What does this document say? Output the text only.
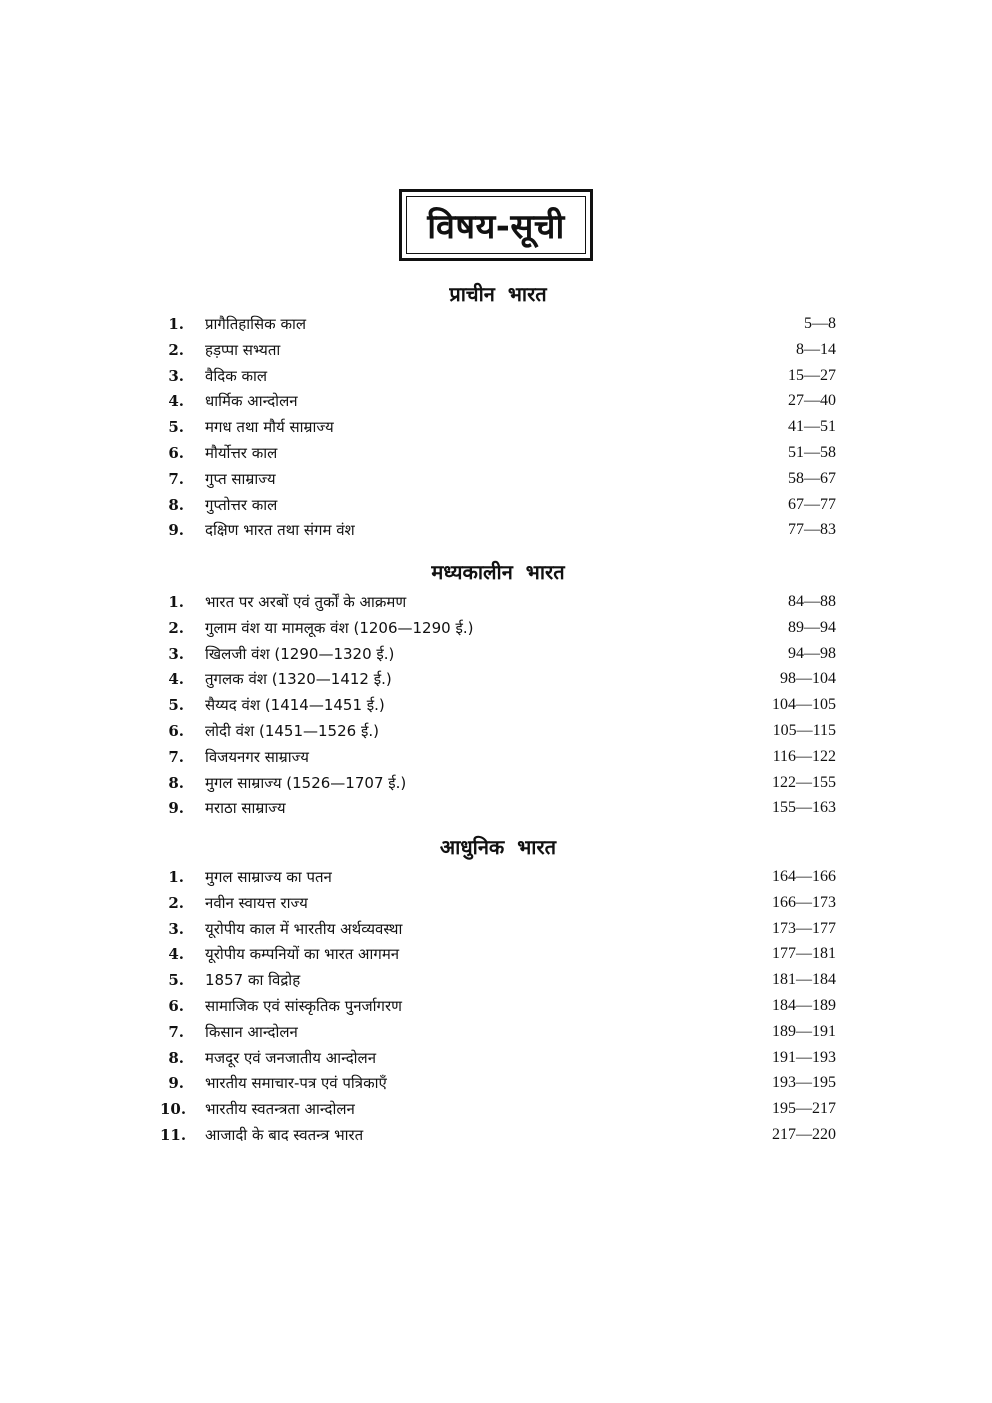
विषय-सूची
प्राचीन भारत
1. प्रागैतिहासिक काल	5—8
2. हड़प्पा सभ्यता	8—14
3. वैदिक काल	15—27
4. धार्मिक आन्दोलन	27—40
5. मगध तथा मौर्य साम्राज्य	41—51
6. मौर्योत्तर काल	51—58
7. गुप्त साम्राज्य	58—67
8. गुप्तोत्तर काल	67—77
9. दक्षिण भारत तथा संगम वंश	77—83
मध्यकालीन भारत
1. भारत पर अरबों एवं तुर्कों के आक्रमण	84—88
2. गुलाम वंश या मामलूक वंश (1206—1290 ई.)	89—94
3. खिलजी वंश (1290—1320 ई.)	94—98
4. तुगलक वंश (1320—1412 ई.)	98—104
5. सैय्यद वंश (1414—1451 ई.)	104—105
6. लोदी वंश (1451—1526 ई.)	105—115
7. विजयनगर साम्राज्य	116—122
8. मुगल साम्राज्य (1526—1707 ई.)	122—155
9. मराठा साम्राज्य	155—163
आधुनिक भारत
1. मुगल साम्राज्य का पतन	164—166
2. नवीन स्वायत्त राज्य	166—173
3. यूरोपीय काल में भारतीय अर्थव्यवस्था	173—177
4. यूरोपीय कम्पनियों का भारत आगमन	177—181
5. 1857 का विद्रोह	181—184
6. सामाजिक एवं सांस्कृतिक पुनर्जागरण	184—189
7. किसान आन्दोलन	189—191
8. मजदूर एवं जनजातीय आन्दोलन	191—193
9. भारतीय समाचार-पत्र एवं पत्रिकाएँ	193—195
10. भारतीय स्वतन्त्रता आन्दोलन	195—217
11. आजादी के बाद स्वतन्त्र भारत	217—220
